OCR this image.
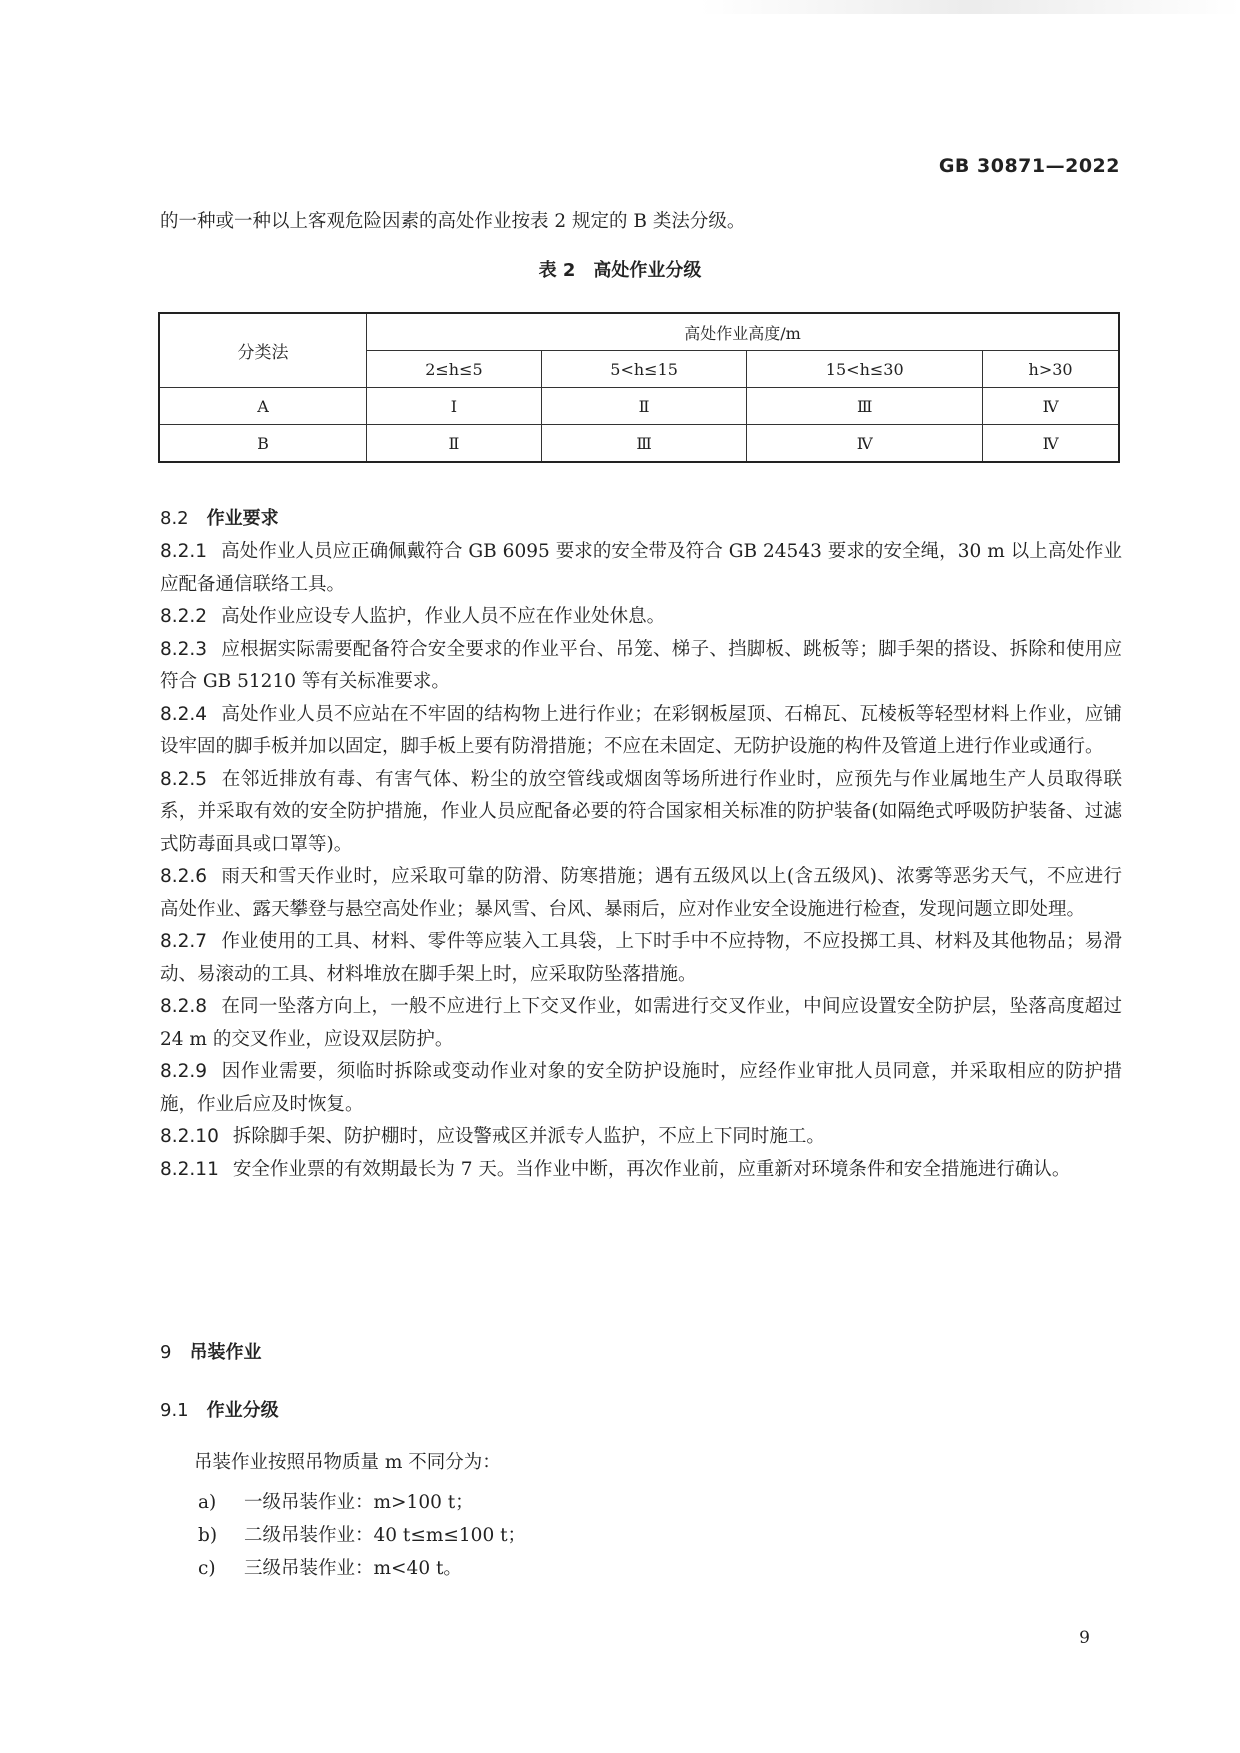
GB 30871—2022
的一种或一种以上客观危险因素的高处作业按表 2 规定的 B 类法分级。
表 2　高处作业分级
分类法	高处作业高度/m			
	2≤h≤5	5<h≤15	15<h≤30	h>30
A	Ⅰ	Ⅱ	Ⅲ	Ⅳ
B	Ⅱ	Ⅲ	Ⅳ	Ⅳ
8.2 作业要求

8.2.1 高处作业人员应正确佩戴符合 GB 6095 要求的安全带及符合 GB 24543 要求的安全绳，30 m 以上高处作业应配备通信联络工具。

8.2.2 高处作业应设专人监护，作业人员不应在作业处休息。

8.2.3 应根据实际需要配备符合安全要求的作业平台、吊笼、梯子、挡脚板、跳板等；脚手架的搭设、拆除和使用应符合 GB 51210 等有关标准要求。

8.2.4 高处作业人员不应站在不牢固的结构物上进行作业；在彩钢板屋顶、石棉瓦、瓦棱板等轻型材料上作业，应铺设牢固的脚手板并加以固定，脚手板上要有防滑措施；不应在未固定、无防护设施的构件及管道上进行作业或通行。

8.2.5 在邻近排放有毒、有害气体、粉尘的放空管线或烟囱等场所进行作业时，应预先与作业属地生产人员取得联系，并采取有效的安全防护措施，作业人员应配备必要的符合国家相关标准的防护装备(如隔绝式呼吸防护装备、过滤式防毒面具或口罩等)。

8.2.6 雨天和雪天作业时，应采取可靠的防滑、防寒措施；遇有五级风以上(含五级风)、浓雾等恶劣天气，不应进行高处作业、露天攀登与悬空高处作业；暴风雪、台风、暴雨后，应对作业安全设施进行检查，发现问题立即处理。

8.2.7 作业使用的工具、材料、零件等应装入工具袋，上下时手中不应持物，不应投掷工具、材料及其他物品；易滑动、易滚动的工具、材料堆放在脚手架上时，应采取防坠落措施。

8.2.8 在同一坠落方向上，一般不应进行上下交叉作业，如需进行交叉作业，中间应设置安全防护层，坠落高度超过 24 m 的交叉作业，应设双层防护。

8.2.9 因作业需要，须临时拆除或变动作业对象的安全防护设施时，应经作业审批人员同意，并采取相应的防护措施，作业后应及时恢复。

8.2.10 拆除脚手架、防护棚时，应设警戒区并派专人监护，不应上下同时施工。

8.2.11 安全作业票的有效期最长为 7 天。当作业中断，再次作业前，应重新对环境条件和安全措施进行确认。

9 吊装作业
9.1 作业分级
吊装作业按照吊物质量 m 不同分为：
a) 一级吊装作业：m>100 t；
b) 二级吊装作业：40 t≤m≤100 t；
c) 三级吊装作业：m<40 t。
9
